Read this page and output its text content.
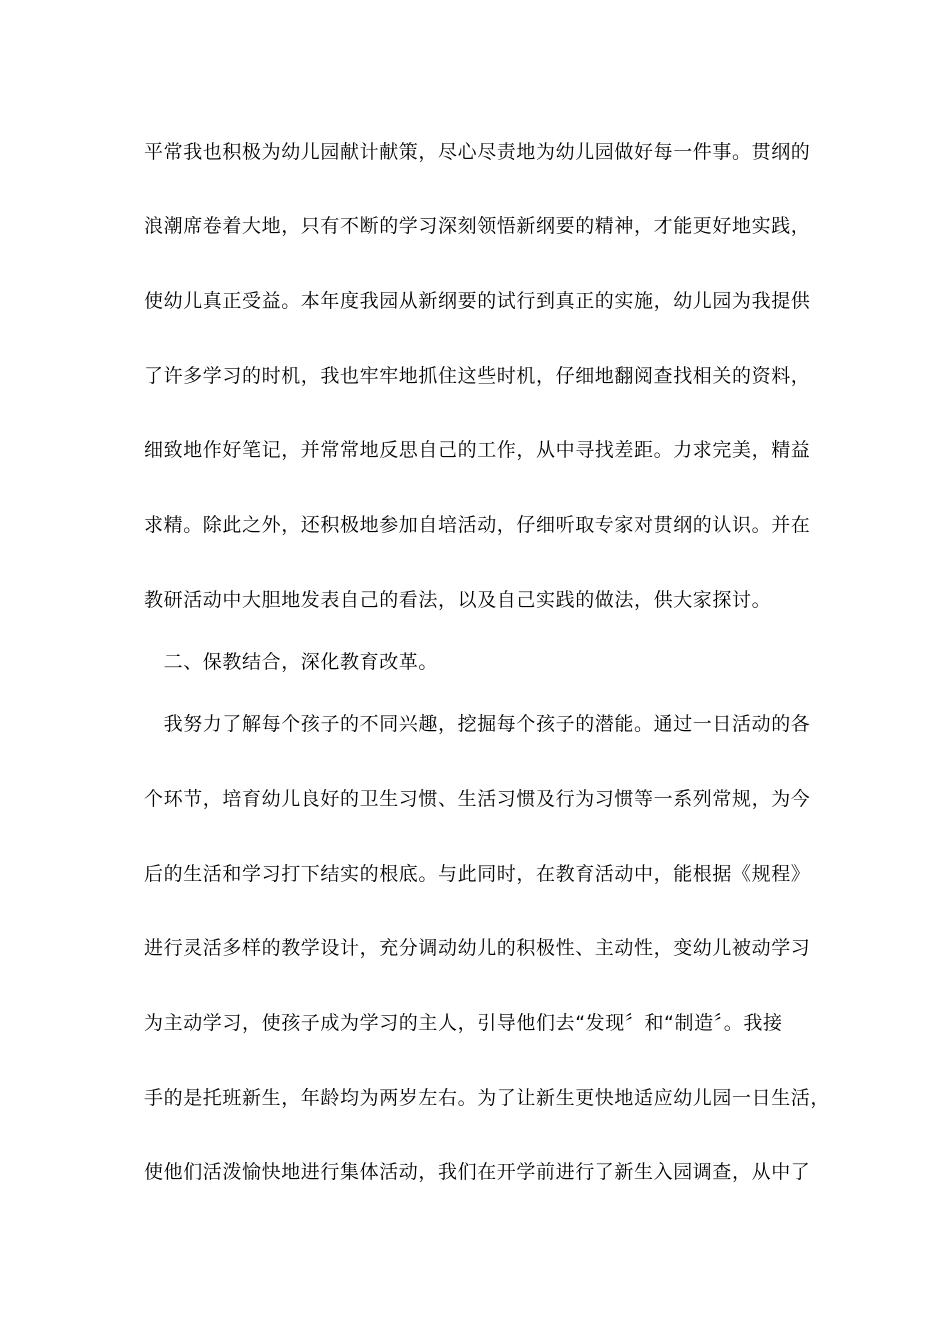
平常我也积极为幼儿园献计献策，尽心尽责地为幼儿园做好每一件事。贯纲的
浪潮席卷着大地，只有不断的学习深刻领悟新纲要的精神，才能更好地实践，
使幼儿真正受益。本年度我园从新纲要的试行到真正的实施，幼儿园为我提供
了许多学习的时机，我也牢牢地抓住这些时机，仔细地翻阅查找相关的资料，
细致地作好笔记，并常常地反思自己的工作，从中寻找差距。力求完美，精益
求精。除此之外，还积极地参加自培活动，仔细听取专家对贯纲的认识。并在
教研活动中大胆地发表自己的看法，以及自己实践的做法，供大家探讨。
　二、保教结合，深化教育改革。
　我努力了解每个孩子的不同兴趣，挖掘每个孩子的潜能。通过一日活动的各
个环节，培育幼儿良好的卫生习惯、生活习惯及行为习惯等一系列常规，为今
后的生活和学习打下结实的根底。与此同时，在教育活动中，能根据《规程》
进行灵活多样的教学设计，充分调动幼儿的积极性、主动性，变幼儿被动学习
为主动学习，使孩子成为学习的主人，引导他们去“发现〞和“制造〞。我接
手的是托班新生，年龄均为两岁左右。为了让新生更快地适应幼儿园一日生活，
使他们活泼愉快地进行集体活动，我们在开学前进行了新生入园调查，从中了
